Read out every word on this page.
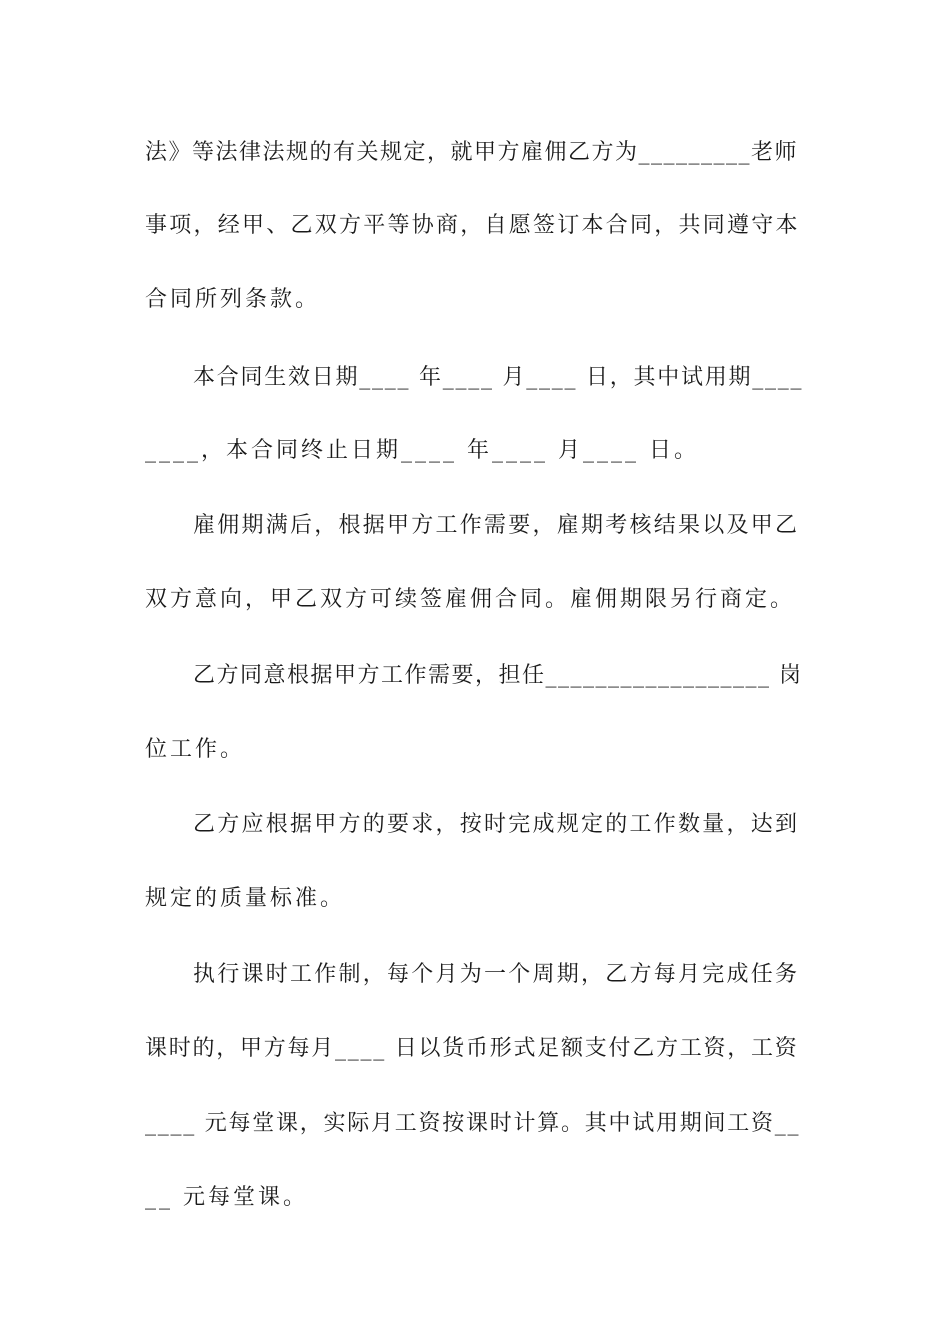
法》等法律法规的有关规定，就甲方雇佣乙方为_________老师
事项，经甲、乙双方平等协商，自愿签订本合同，共同遵守本
合同所列条款。
本合同生效日期____ 年____ 月____ 日，其中试用期____
____，本合同终止日期____ 年____ 月____ 日。
雇佣期满后，根据甲方工作需要，雇期考核结果以及甲乙
双方意向，甲乙双方可续签雇佣合同。雇佣期限另行商定。
乙方同意根据甲方工作需要，担任__________________ 岗
位工作。
乙方应根据甲方的要求，按时完成规定的工作数量，达到
规定的质量标准。
执行课时工作制，每个月为一个周期，乙方每月完成任务
课时的，甲方每月____ 日以货币形式足额支付乙方工资，工资
____ 元每堂课，实际月工资按课时计算。其中试用期间工资__
__ 元每堂课。
